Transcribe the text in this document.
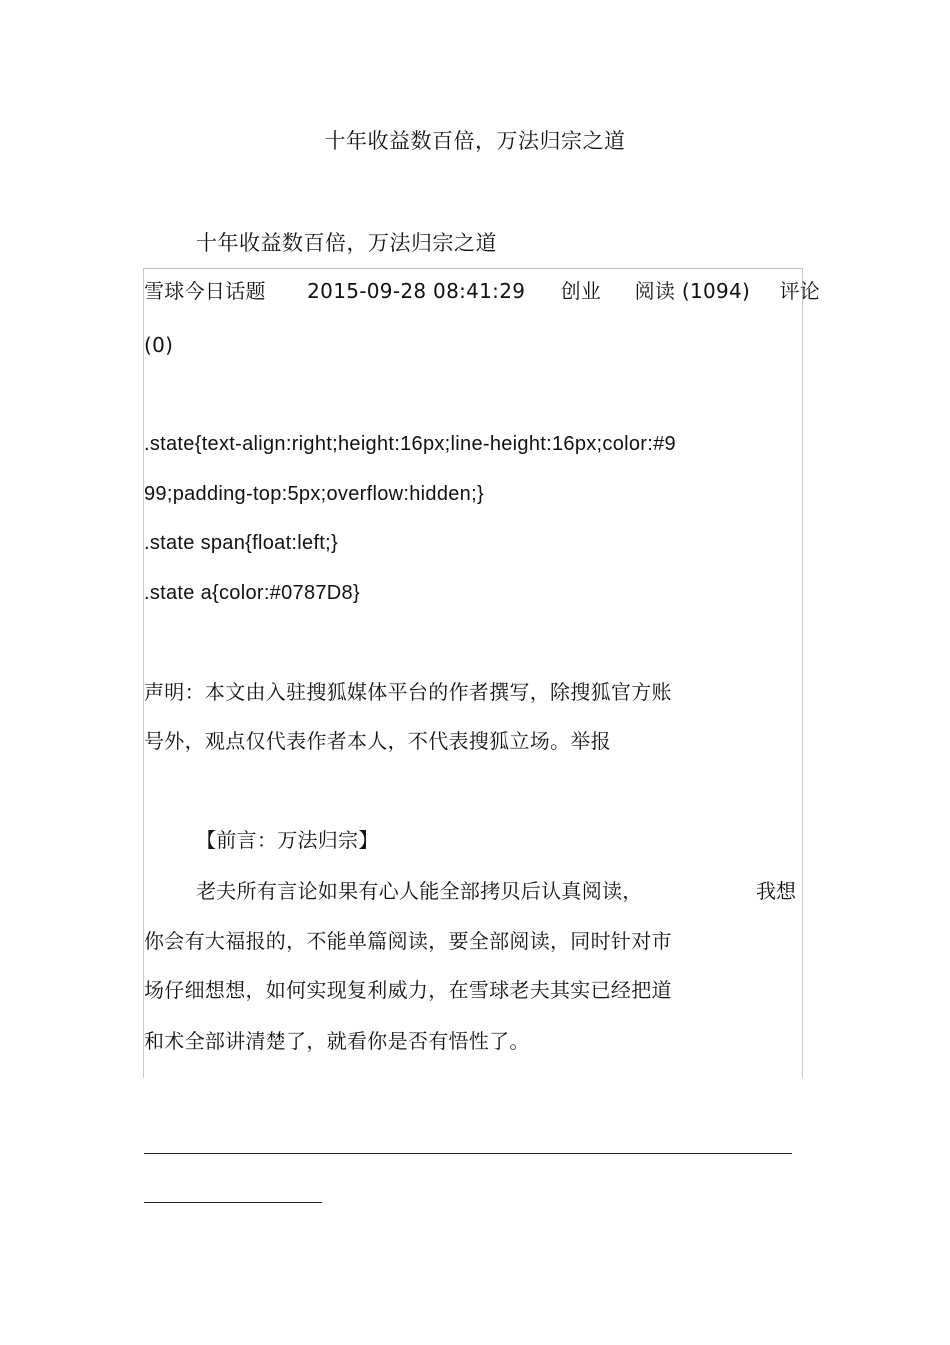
十年收益数百倍，万法归宗之道
十年收益数百倍，万法归宗之道
雪球今日话题 2015-09-28 08:41:29 创业 阅读 (1094) 评论
(0)
.state{text-align:right;height:16px;line-height:16px;color:#9
99;padding-top:5px;overflow:hidden;}
.state span{float:left;}
.state a{color:#0787D8}
声明：本文由入驻搜狐媒体平台的作者撰写，除搜狐官方账
号外，观点仅代表作者本人，不代表搜狐立场。举报
【前言：万法归宗】
老夫所有言论如果有心人能全部拷贝后认真阅读，	我想
你会有大福报的，不能单篇阅读，要全部阅读，同时针对市
场仔细想想，如何实现复利威力，在雪球老夫其实已经把道
和术全部讲清楚了，就看你是否有悟性了。
